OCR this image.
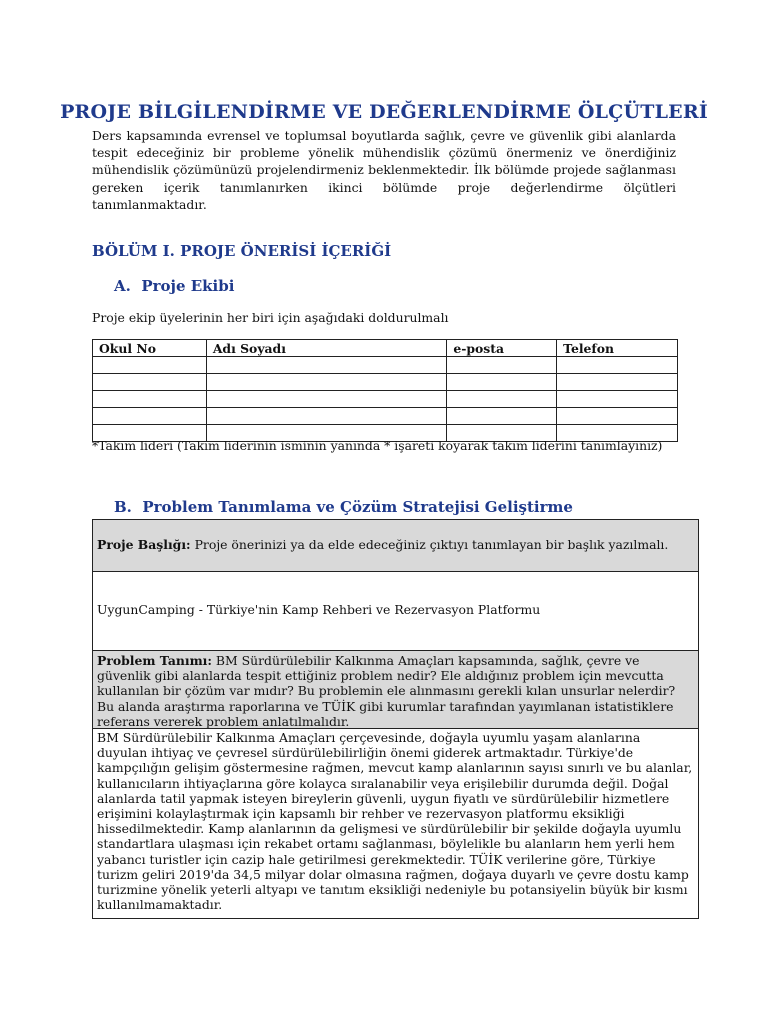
PROJE BİLGİLENDİRME VE DEĞERLENDİRME ÖLÇÜTLERİ
Ders kapsamında evrensel ve toplumsal boyutlarda sağlık, çevre ve güvenlik gibi alanlarda tespit edeceğiniz bir probleme yönelik mühendislik çözümü önermeniz ve önerdiğiniz mühendislik çözümünüzü projelendirmeniz beklenmektedir. İlk bölümde projede sağlanması gereken içerik tanımlanırken ikinci bölümde proje değerlendirme ölçütleri tanımlanmaktadır.
BÖLÜM I. PROJE ÖNERİSİ İÇERİĞİ
A. Proje Ekibi
Proje ekip üyelerinin her biri için aşağıdaki doldurulmalı
Okul No	Adı Soyadı	e-posta	Telefon

*Takım lideri (Takım liderinin isminin yanında * işareti koyarak takım liderini tanımlayınız)
B. Problem Tanımlama ve Çözüm Stratejisi Geliştirme
Proje Başlığı: Proje önerinizi ya da elde edeceğiniz çıktıyı tanımlayan bir başlık yazılmalı.
UygunCamping - Türkiye'nin Kamp Rehberi ve Rezervasyon Platformu
Problem Tanımı: BM Sürdürülebilir Kalkınma Amaçları kapsamında, sağlık, çevre ve güvenlik gibi alanlarda tespit ettiğiniz problem nedir? Ele aldığınız problem için mevcutta kullanılan bir çözüm var mıdır? Bu problemin ele alınmasını gerekli kılan unsurlar nelerdir? Bu alanda araştırma raporlarına ve TÜİK gibi kurumlar tarafından yayımlanan istatistiklere referans vererek problem anlatılmalıdır.
BM Sürdürülebilir Kalkınma Amaçları çerçevesinde, doğayla uyumlu yaşam alanlarına duyulan ihtiyaç ve çevresel sürdürülebilirliğin önemi giderek artmaktadır. Türkiye'de kampçılığın gelişim göstermesine rağmen, mevcut kamp alanlarının sayısı sınırlı ve bu alanlar, kullanıcıların ihtiyaçlarına göre kolayca sıralanabilir veya erişilebilir durumda değil. Doğal alanlarda tatil yapmak isteyen bireylerin güvenli, uygun fiyatlı ve sürdürülebilir hizmetlere erişimini kolaylaştırmak için kapsamlı bir rehber ve rezervasyon platformu eksikliği hissedilmektedir. Kamp alanlarının da gelişmesi ve sürdürülebilir bir şekilde doğayla uyumlu standartlara ulaşması için rekabet ortamı sağlanması, böylelikle bu alanların hem yerli hem yabancı turistler için cazip hale getirilmesi gerekmektedir. TÜİK verilerine göre, Türkiye turizm geliri 2019'da 34,5 milyar dolar olmasına rağmen, doğaya duyarlı ve çevre dostu kamp turizmine yönelik yeterli altyapı ve tanıtım eksikliği nedeniyle bu potansiyelin büyük bir kısmı kullanılmamaktadır.
